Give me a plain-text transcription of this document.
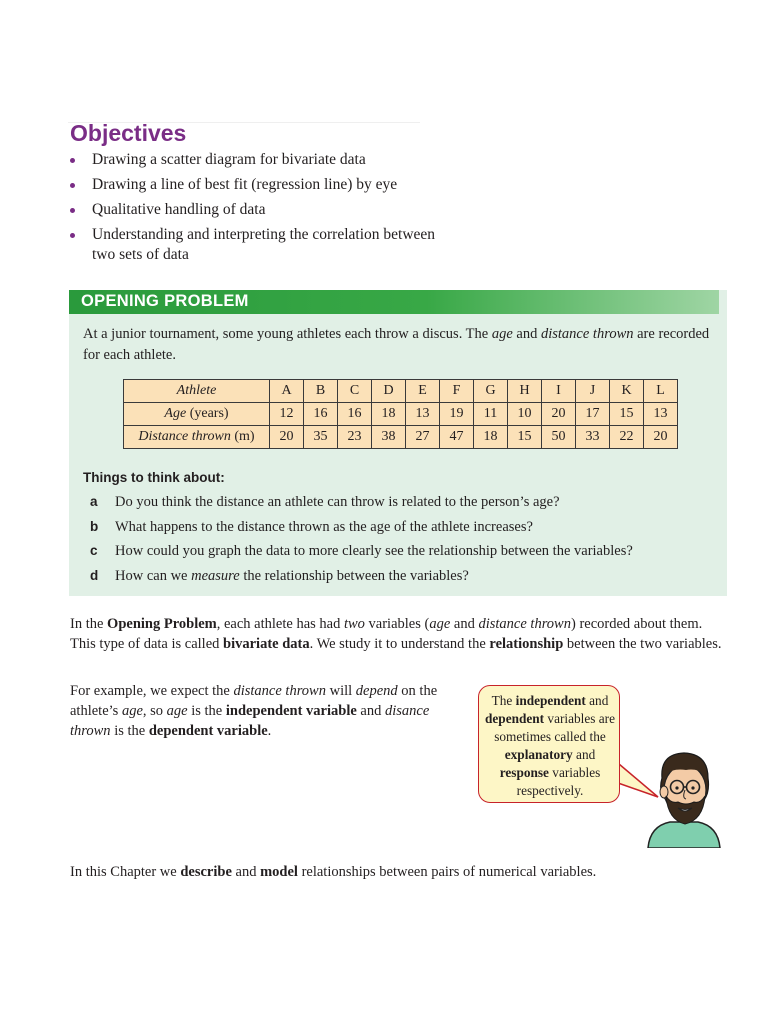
Objectives
Drawing a scatter diagram for bivariate data
Drawing a line of best fit (regression line) by eye
Qualitative handling of data
Understanding and interpreting the correlation between two sets of data
OPENING PROBLEM

At a junior tournament, some young athletes each throw a discus. The age and distance thrown are recorded for each athlete.

Athlete	A	B	C	D	E	F	G	H	I	J	K	L
Age (years)	12	16	16	18	13	19	11	10	20	17	15	13
Distance thrown (m)	20	35	23	38	27	47	18	15	50	33	22	20
Things to think about:
a Do you think the distance an athlete can throw is related to the person’s age?
b What happens to the distance thrown as the age of the athlete increases?
c How could you graph the data to more clearly see the relationship between the variables?
d How can we measure the relationship between the variables?

In the Opening Problem, each athlete has had two variables (age and distance thrown) recorded about them. This type of data is called bivariate data. We study it to understand the relationship between the two variables.

For example, we expect the distance thrown will depend on the athlete’s age, so age is the independent variable and disance thrown is the dependent variable.

The independent and dependent variables are sometimes called the explanatory and response variables respectively.

In this Chapter we describe and model relationships between pairs of numerical variables.
